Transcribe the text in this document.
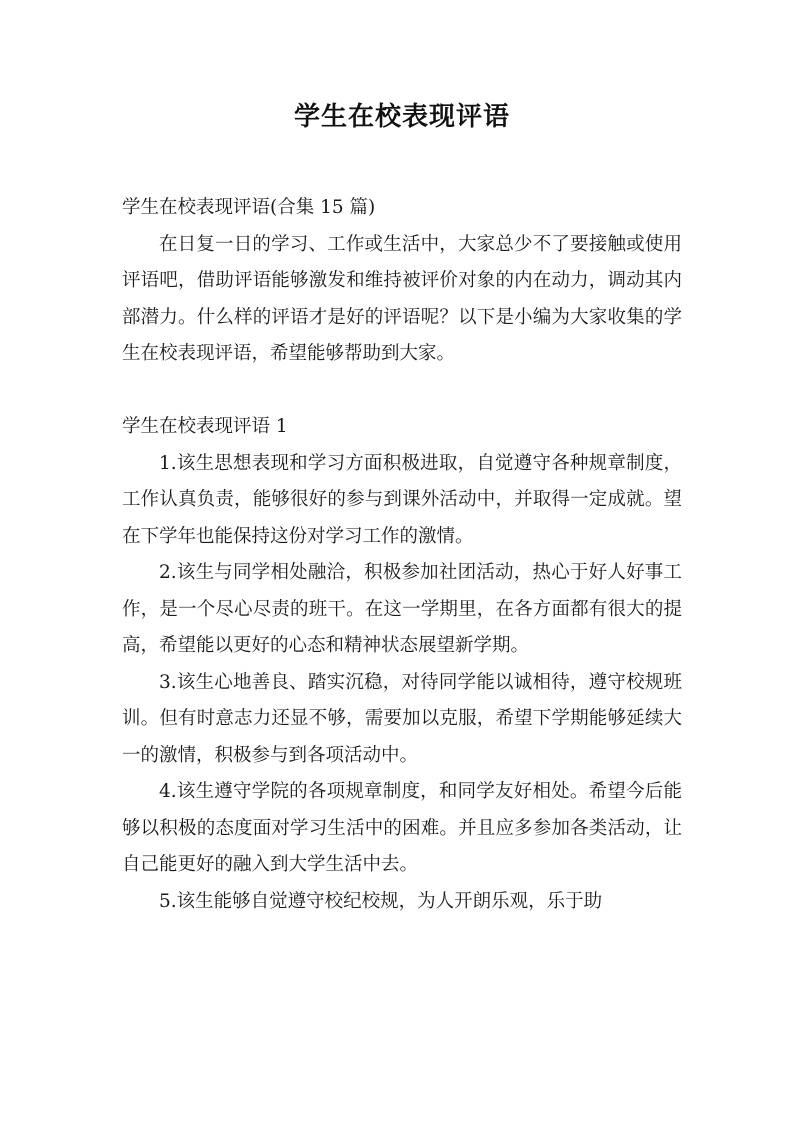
学生在校表现评语

学生在校表现评语(合集 15 篇)

在日复一日的学习、工作或生活中，大家总少不了要接触或使用评语吧，借助评语能够激发和维持被评价对象的内在动力，调动其内部潜力。什么样的评语才是好的评语呢？以下是小编为大家收集的学生在校表现评语，希望能够帮助到大家。

学生在校表现评语 1

1.该生思想表现和学习方面积极进取，自觉遵守各种规章制度，工作认真负责，能够很好的参与到课外活动中，并取得一定成就。望在下学年也能保持这份对学习工作的激情。

2.该生与同学相处融洽，积极参加社团活动，热心于好人好事工作，是一个尽心尽责的班干。在这一学期里，在各方面都有很大的提高，希望能以更好的心态和精神状态展望新学期。

3.该生心地善良、踏实沉稳，对待同学能以诚相待，遵守校规班训。但有时意志力还显不够，需要加以克服，希望下学期能够延续大一的激情，积极参与到各项活动中。

4.该生遵守学院的各项规章制度，和同学友好相处。希望今后能够以积极的态度面对学习生活中的困难。并且应多参加各类活动，让自己能更好的融入到大学生活中去。

5.该生能够自觉遵守校纪校规，为人开朗乐观，乐于助
